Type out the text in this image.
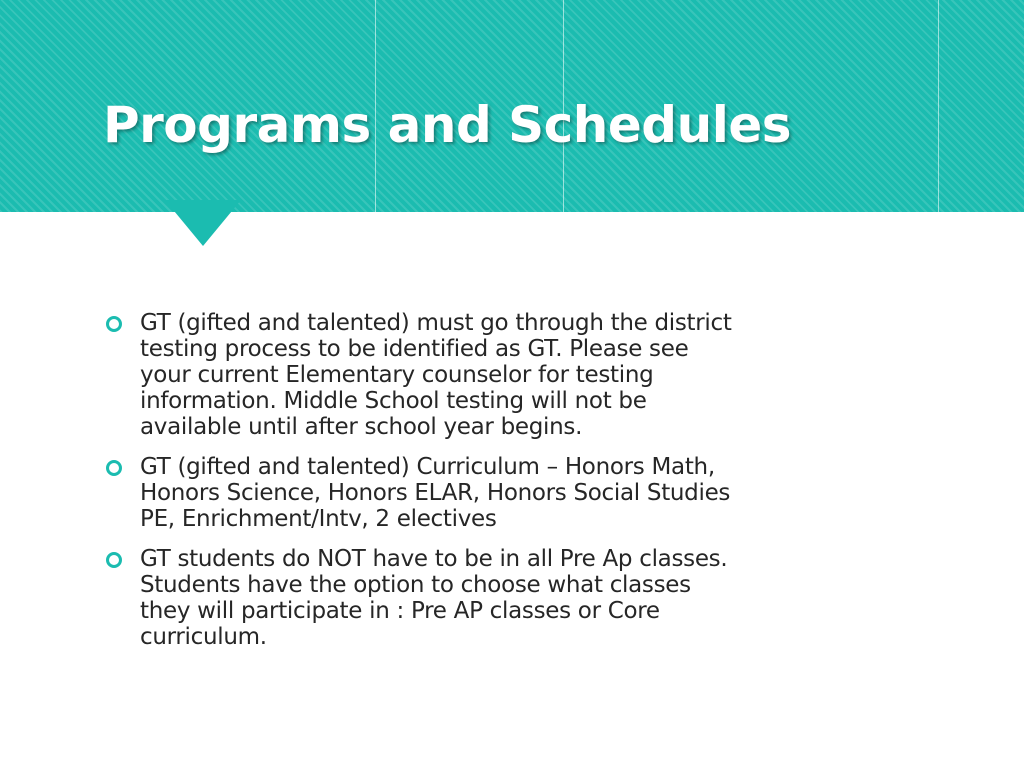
Programs and Schedules
GT (gifted and talented) must go through the district
testing process to be identified as GT. Please see
your current Elementary counselor for testing
information. Middle School testing will not be
available until after school year begins.
GT (gifted and talented) Curriculum – Honors Math,
Honors Science, Honors ELAR, Honors Social Studies
PE, Enrichment/Intv, 2 electives
GT students do NOT have to be in all Pre Ap classes.
Students have the option to choose what classes
they will participate in : Pre AP classes or Core
curriculum.
